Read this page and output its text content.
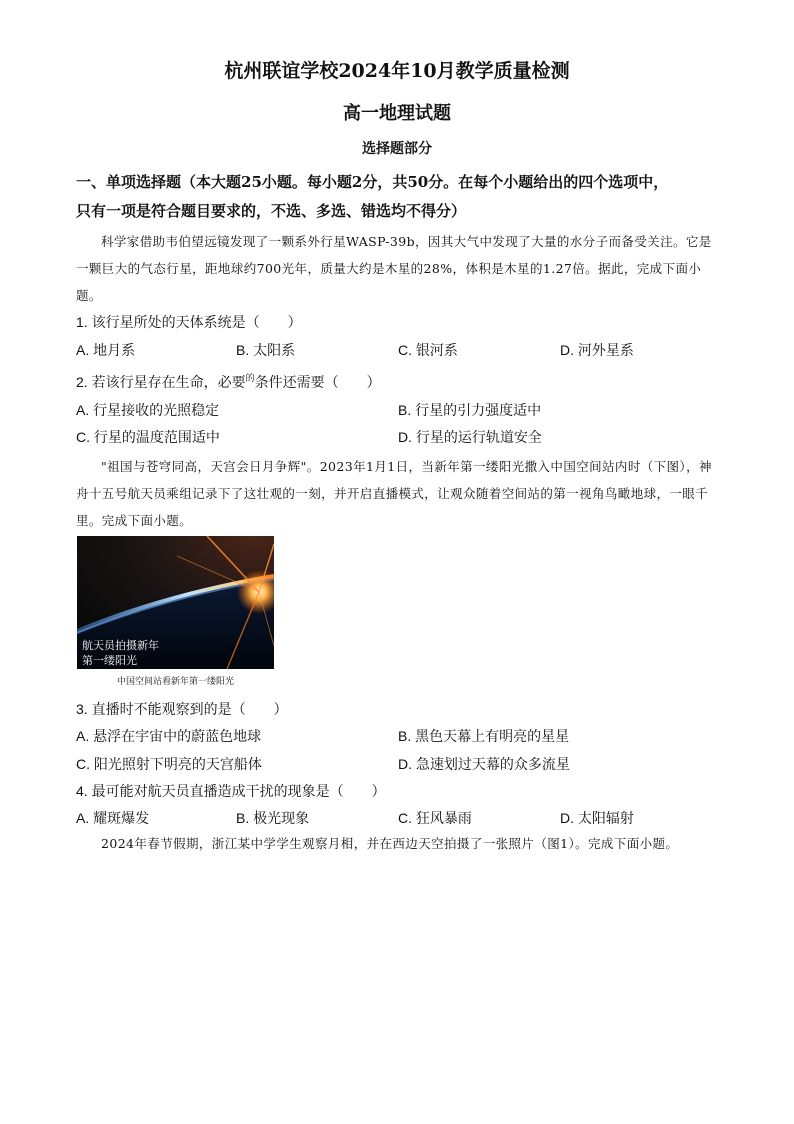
杭州联谊学校2024年10月教学质量检测
高一地理试题
选择题部分
一、单项选择题（本大题25小题。每小题2分，共50分。在每个小题给出的四个选项中，
只有一项是符合题目要求的，不选、多选、错选均不得分）
科学家借助韦伯望远镜发现了一颗系外行星WASP-39b，因其大气中发现了大量的水分子而备受关注。它是一颗巨大的气态行星，距地球约700光年，质量大约是木星的28%，体积是木星的1.27倍。据此，完成下面小题。
1. 该行星所处的天体系统是（　　）
A. 地月系	B. 太阳系	C. 银河系	D. 河外星系
2. 若该行星存在生命，必要$^的$条件还需要（　　）
A. 行星接收的光照稳定	B. 行星的引力强度适中
C. 行星的温度范围适中	D. 行星的运行轨道安全
"祖国与苍穹同高，天宫会日月争辉"。2023年1月1日，当新年第一缕阳光撒入中国空间站内时（下图），神舟十五号航天员乘组记录下了这壮观的一刻，并开启直播模式，让观众随着空间站的第一视角鸟瞰地球，一眼千里。完成下面小题。
航天员拍摄新年
第一缕阳光
中国空间站看新年第一缕阳光
3. 直播时不能观察到的是（　　）
A. 悬浮在宇宙中的蔚蓝色地球	B. 黑色天幕上有明亮的星星
C. 阳光照射下明亮的天宫船体	D. 急速划过天幕的众多流星
4. 最可能对航天员直播造成干扰的现象是（　　）
A. 耀斑爆发	B. 极光现象	C. 狂风暴雨	D. 太阳辐射
2024年春节假期，浙江某中学学生观察月相，并在西边天空拍摄了一张照片（图1）。完成下面小题。
